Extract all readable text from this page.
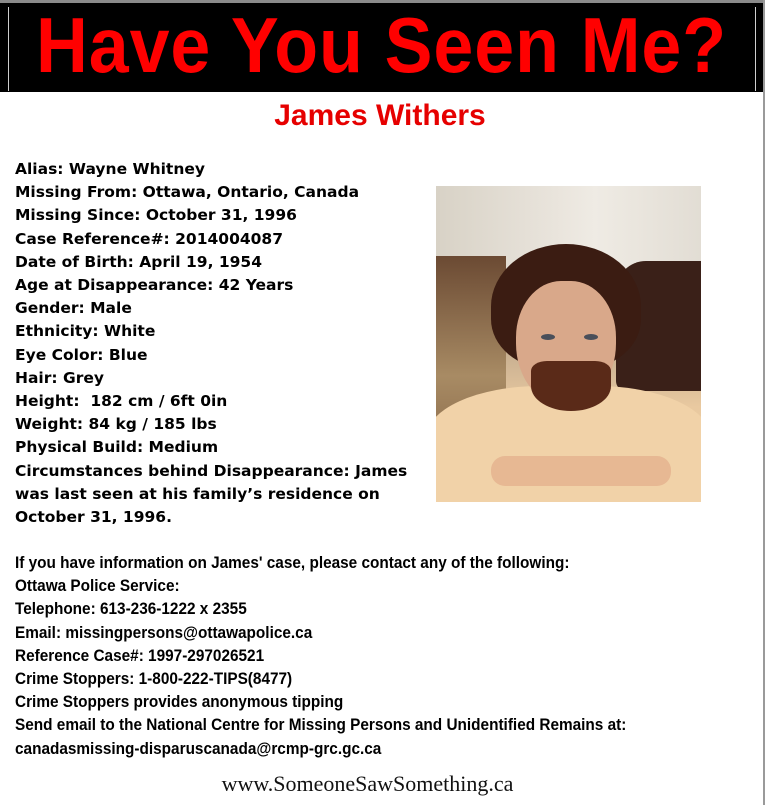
Have You Seen Me?
James Withers
Alias: Wayne Whitney
Missing From: Ottawa, Ontario, Canada
Missing Since: October 31, 1996
Case Reference#: 2014004087
Date of Birth: April 19, 1954
Age at Disappearance: 42 Years
Gender: Male
Ethnicity: White
Eye Color: Blue
Hair: Grey
Height:  182 cm / 6ft 0in
Weight: 84 kg / 185 lbs
Physical Build: Medium
Circumstances behind Disappearance: James was last seen at his family’s residence on October 31, 1996.
If you have information on James' case, please contact any of the following:
Ottawa Police Service:
Telephone: 613-236-1222 x 2355
Email: missingpersons@ottawapolice.ca
Reference Case#: 1997-297026521
Crime Stoppers: 1-800-222-TIPS(8477)
Crime Stoppers provides anonymous tipping
Send email to the National Centre for Missing Persons and Unidentified Remains at:
canadasmissing-disparuscanada@rcmp-grc.gc.ca
www.SomeoneSawSomething.ca
